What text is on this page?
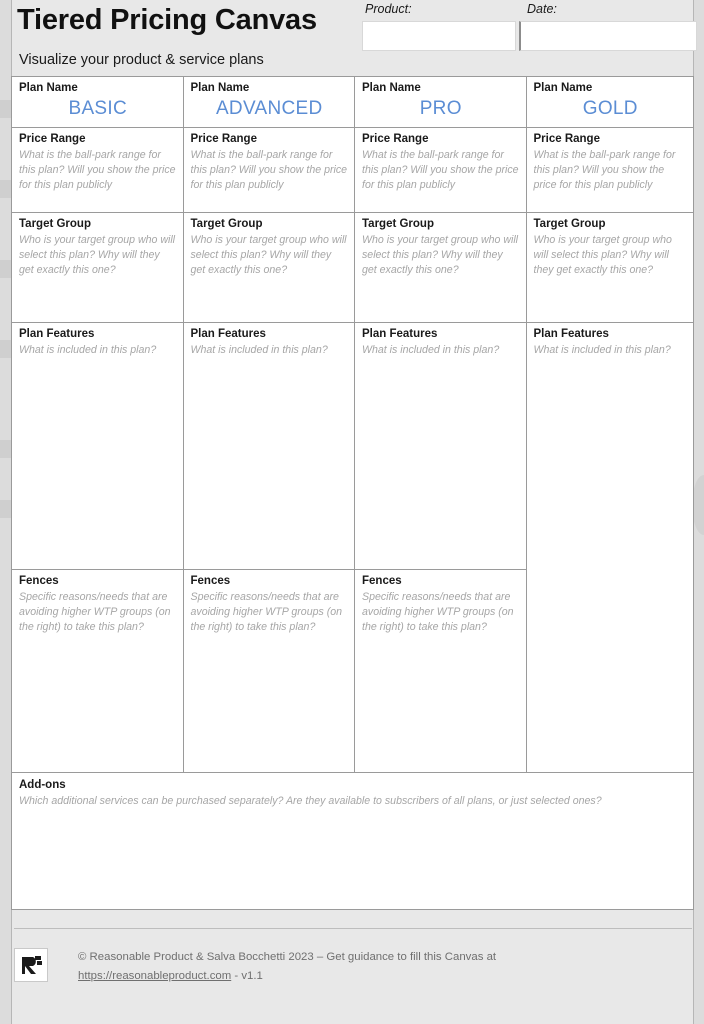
Tiered Pricing Canvas
Visualize your product & service plans
Product:	Date:
Plan Name
BASIC
Price Range
What is the ball-park range for this plan? Will you show the price for this plan publicly
Target Group
Who is your target group who will select this plan? Why will they get exactly this one?
Plan Features
What is included in this plan?
Fences
Specific reasons/needs that are avoiding higher WTP groups (on the right) to take this plan?
Plan Name
ADVANCED
Price Range
What is the ball-park range for this plan? Will you show the price for this plan publicly
Target Group
Who is your target group who will select this plan? Why will they get exactly this one?
Plan Features
What is included in this plan?
Fences
Specific reasons/needs that are avoiding higher WTP groups (on the right) to take this plan?
Plan Name
PRO
Price Range
What is the ball-park range for this plan? Will you show the price for this plan publicly
Target Group
Who is your target group who will select this plan? Why will they get exactly this one?
Plan Features
What is included in this plan?
Fences
Specific reasons/needs that are avoiding higher WTP groups (on the right) to take this plan?
Plan Name
GOLD
Price Range
What is the ball-park range for this plan? Will you show the price for this plan publicly
Target Group
Who is your target group who will select this plan? Why will they get exactly this one?
Plan Features
What is included in this plan?
Add-ons
Which additional services can be purchased separately? Are they available to subscribers of all plans, or just selected ones?
© Reasonable Product & Salva Bocchetti 2023 – Get guidance to fill this Canvas at
https://reasonableproduct.com - v1.1
